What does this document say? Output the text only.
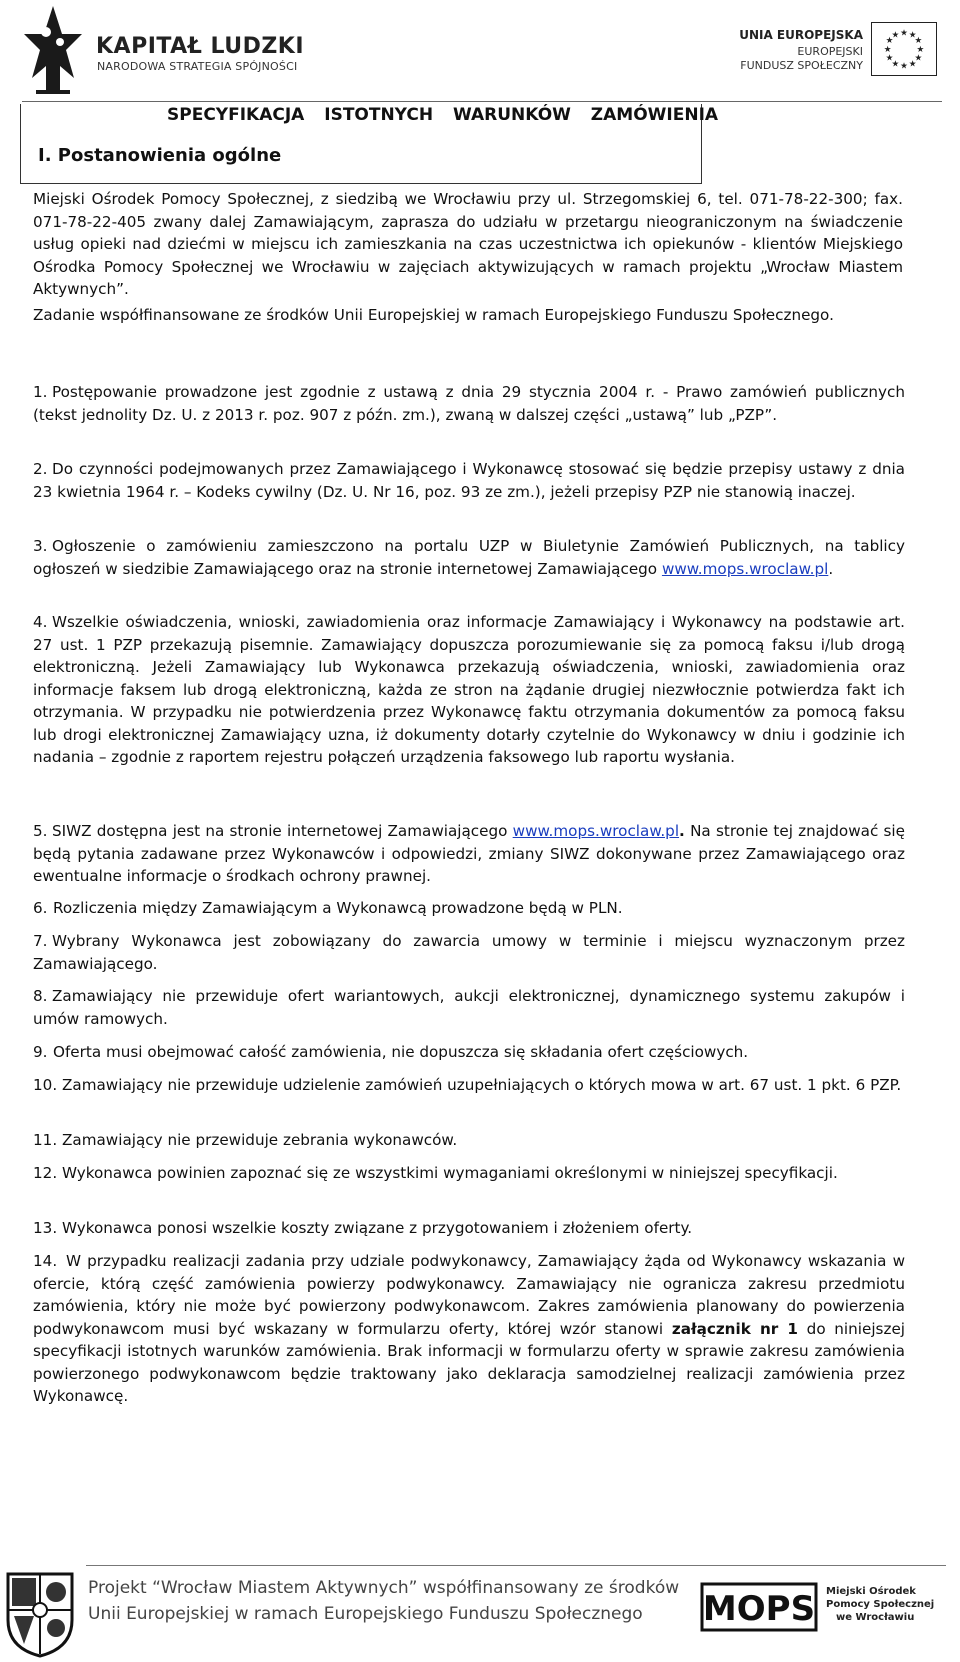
KAPITAŁ LUDZKI
NARODOWA STRATEGIA SPÓJNOŚCI
UNIA EUROPEJSKA
EUROPEJSKI
FUNDUSZ SPOŁECZNY
★ ★
★
★
★
★
★
★
★
★
★
★
SPECYFIKACJA ISTOTNYCH WARUNKÓW ZAMÓWIENIA
I. Postanowienia ogólne
Miejski Ośrodek Pomocy Społecznej, z siedzibą we Wrocławiu przy ul. Strzegomskiej 6, tel. 071-78-22-300; fax. 071-78-22-405 zwany dalej Zamawiającym, zaprasza do udziału w przetargu nieograniczonym na świadczenie usług opieki nad dziećmi w miejscu ich zamieszkania na czas uczestnictwa ich opiekunów - klientów Miejskiego Ośrodka Pomocy Społecznej we Wrocławiu w zajęciach aktywizujących w ramach projektu „Wrocław Miastem Aktywnych”.
Zadanie współfinansowane ze środków Unii Europejskiej w ramach Europejskiego Funduszu Społecznego.
1. Postępowanie prowadzone jest zgodnie z ustawą z dnia 29 stycznia 2004 r. - Prawo zamówień publicznych (tekst jednolity Dz. U. z 2013 r. poz. 907 z późn. zm.), zwaną w dalszej części „ustawą” lub „PZP”.
2. Do czynności podejmowanych przez Zamawiającego i Wykonawcę stosować się będzie przepisy ustawy z dnia 23 kwietnia 1964 r. – Kodeks cywilny (Dz. U. Nr 16, poz. 93 ze zm.), jeżeli przepisy PZP nie stanowią inaczej.
3. Ogłoszenie o zamówieniu zamieszczono na portalu UZP w Biuletynie Zamówień Publicznych, na tablicy ogłoszeń w siedzibie Zamawiającego oraz na stronie internetowej Zamawiającego www.mops.wroclaw.pl.
4. Wszelkie oświadczenia, wnioski, zawiadomienia oraz informacje Zamawiający i Wykonawcy na podstawie art. 27 ust. 1 PZP przekazują pisemnie. Zamawiający dopuszcza porozumiewanie się za pomocą faksu i/lub drogą elektroniczną. Jeżeli Zamawiający lub Wykonawca przekazują oświadczenia, wnioski, zawiadomienia oraz informacje faksem lub drogą elektroniczną, każda ze stron na żądanie drugiej niezwłocznie potwierdza fakt ich otrzymania. W przypadku nie potwierdzenia przez Wykonawcę faktu otrzymania dokumentów za pomocą faksu lub drogi elektronicznej Zamawiający uzna, iż dokumenty dotarły czytelnie do Wykonawcy w dniu i godzinie ich nadania – zgodnie z raportem rejestru połączeń urządzenia faksowego lub raportu wysłania.
5. SIWZ dostępna jest na stronie internetowej Zamawiającego www.mops.wroclaw.pl. Na stronie tej znajdować się będą pytania zadawane przez Wykonawców i odpowiedzi, zmiany SIWZ dokonywane przez Zamawiającego oraz ewentualne informacje o środkach ochrony prawnej.
6. Rozliczenia między Zamawiającym a Wykonawcą prowadzone będą w PLN.
7. Wybrany Wykonawca jest zobowiązany do zawarcia umowy w terminie i miejscu wyznaczonym przez Zamawiającego.
8. Zamawiający nie przewiduje ofert wariantowych, aukcji elektronicznej, dynamicznego systemu zakupów i umów ramowych.
9. Oferta musi obejmować całość zamówienia, nie dopuszcza się składania ofert częściowych.
10. Zamawiający nie przewiduje udzielenie zamówień uzupełniających o których mowa w art. 67 ust. 1 pkt. 6 PZP.
11. Zamawiający nie przewiduje zebrania wykonawców.
12. Wykonawca powinien zapoznać się ze wszystkimi wymaganiami określonymi w niniejszej specyfikacji.
13. Wykonawca ponosi wszelkie koszty związane z przygotowaniem i złożeniem oferty.
14. W przypadku realizacji zadania przy udziale podwykonawcy, Zamawiający żąda od Wykonawcy wskazania w ofercie, którą część zamówienia powierzy podwykonawcy. Zamawiający nie ogranicza zakresu przedmiotu zamówienia, który nie może być powierzony podwykonawcom. Zakres zamówienia planowany do powierzenia podwykonawcom musi być wskazany w formularzu oferty, której wzór stanowi załącznik nr 1 do niniejszej specyfikacji istotnych warunków zamówienia. Brak informacji w formularzu oferty w sprawie zakresu zamówienia powierzonego podwykonawcom będzie traktowany jako deklaracja samodzielnej realizacji zamówienia przez Wykonawcę.
Projekt “Wrocław Miastem Aktywnych” współfinansowany ze środków
Unii Europejskiej w ramach Europejskiego Funduszu Społecznego MOPS Miejski Ośrodek
Pomocy Społecznej
we Wrocławiu
